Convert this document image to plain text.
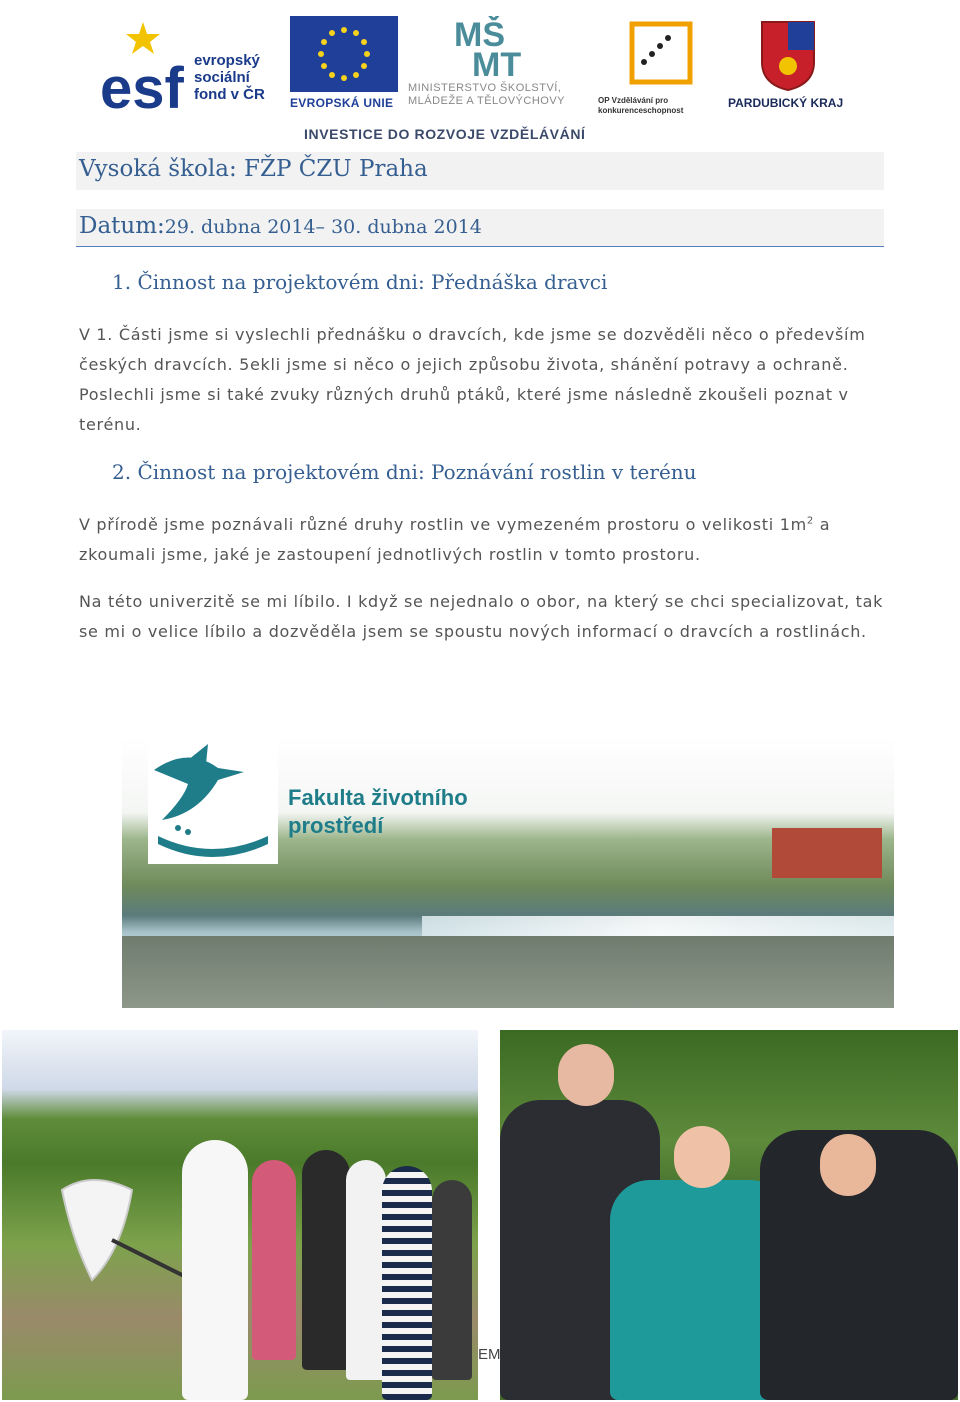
esf evropský sociální fond v ČR	EVROPSKÁ UNIE
MŠ
MT
MINISTERSTVO ŠKOLSTVÍ, MLÁDEŽE A TĚLOVÝCHOVY	OP Vzdělávání pro konkurenceschopnost
PARDUBICKÝ KRAJ
INVESTICE DO ROZVOJE VZDĚLÁVÁNÍ
Vysoká škola: FŽP ČZU Praha
Datum:29. dubna 2014– 30. dubna 2014
1. Činnost na projektovém dni: Přednáška dravci
V 1. Části jsme si vyslechli přednášku o dravcích, kde jsme se dozvěděli něco o především českých dravcích. 5ekli jsme si něco o jejich způsobu života, shánění potravy a ochraně. Poslechli jsme si také zvuky různých druhů ptáků, které jsme následně zkoušeli poznat v terénu.
2. Činnost na projektovém dni: Poznávání rostlin v terénu
V přírodě jsme poznávali různé druhy rostlin ve vymezeném prostoru o velikosti $1m^2$ a zkoumali jsme, jaké je zastoupení jednotlivých rostlin v tomto prostoru.
Na této univerzitě se mi líbilo. I když se nejednalo o obor, na který se chci specializovat, tak se mi o velice líbilo a dozvěděla jsem se spoustu nových informací o dravcích a rostlinách.
Fakulta životního
prostředí
EM
